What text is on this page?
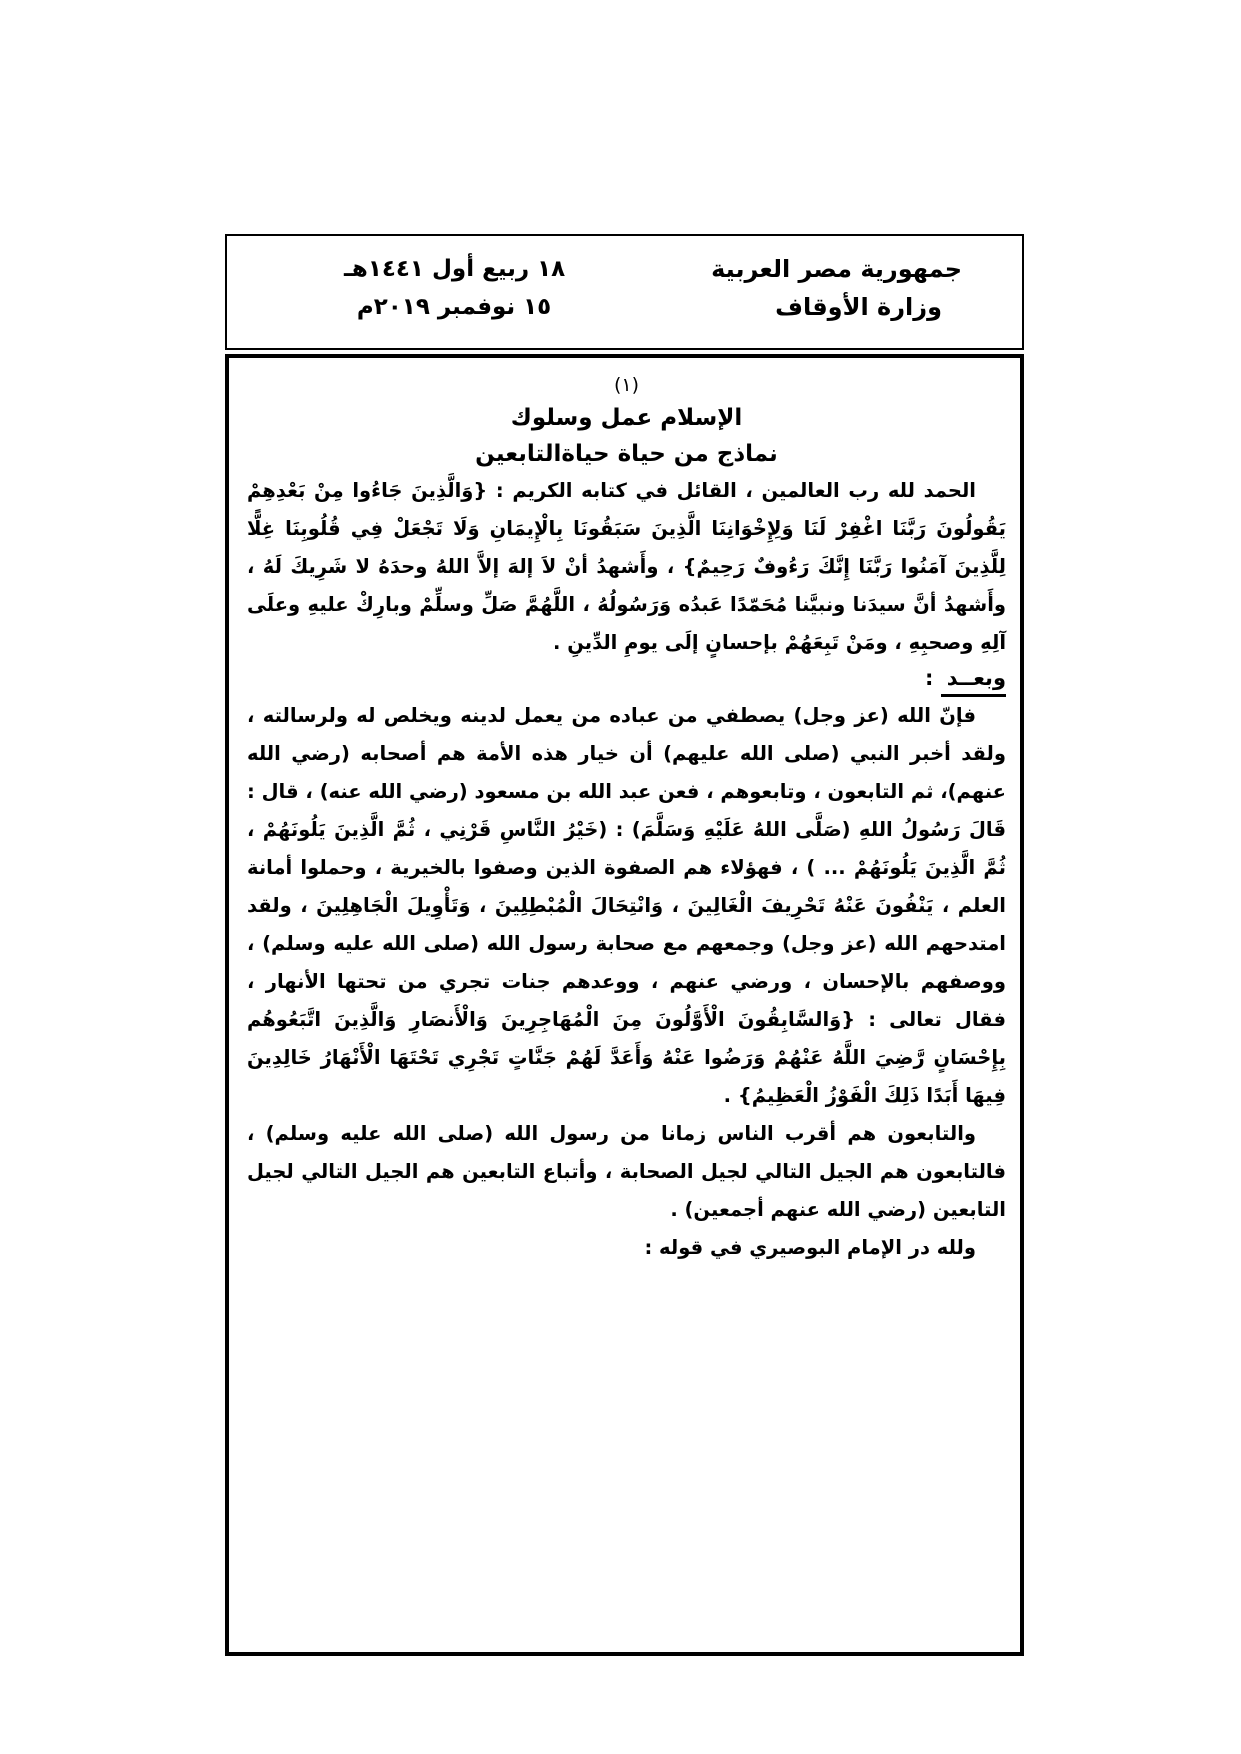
جمهورية مصر العربية
وزارة الأوقاف
١٨ ربيع أول ١٤٤١هـ
١٥ نوفمبر ٢٠١٩م
(١)
الإسلام عمل وسلوك
نماذج من حياة حياةالتابعين

الحمد لله رب العالمين ، القائل في كتابه الكريم : {وَالَّذِينَ جَاءُوا مِنْ بَعْدِهِمْ يَقُولُونَ رَبَّنَا اغْفِرْ لَنَا وَلِإِخْوَانِنَا الَّذِينَ سَبَقُونَا بِالْإِيمَانِ وَلَا تَجْعَلْ فِي قُلُوبِنَا غِلًّا لِلَّذِينَ آمَنُوا رَبَّنَا إِنَّكَ رَءُوفٌ رَحِيمٌ} ، وأَشهدُ أنْ لاَ إلهَ إلاَّ اللهُ وحدَهُ لا شَرِيكَ لَهُ ، وأَشهدُ أنَّ سيدَنا ونبيَّنا مُحَمّدًا عَبدُه وَرَسُولُهُ ، اللَّهُمَّ صَلِّ وسلِّمْ وبارِكْ عليهِ وعلَى آلِهِ وصحبِهِ ، ومَنْ تَبِعَهُمْ بإحسانٍ إلَى يومِ الدِّينِ .

وبعــد :

فإنّ الله (عز وجل) يصطفي من عباده من يعمل لدينه ويخلص له ولرسالته ، ولقد أخبر النبي (صلى الله عليهم) أن خيار هذه الأمة هم أصحابه (رضي الله عنهم)، ثم التابعون ، وتابعوهم ، فعن عبد الله بن مسعود (رضي الله عنه) ، قال : قَالَ رَسُولُ اللهِ (صَلَّى اللهُ عَلَيْهِ وَسَلَّمَ) : (خَيْرُ النَّاسِ قَرْنِي ، ثُمَّ الَّذِينَ يَلُونَهُمْ ، ثُمَّ الَّذِينَ يَلُونَهُمْ ... ) ، فهؤلاء هم الصفوة الذين وصفوا بالخيرية ، وحملوا أمانة العلم ، يَنْفُونَ عَنْهُ تَحْرِيفَ الْغَالِينَ ، وَانْتِحَالَ الْمُبْطِلِينَ ، وَتَأْوِيلَ الْجَاهِلِينَ ، ولقد امتدحهم الله (عز وجل) وجمعهم مع صحابة رسول الله (صلى الله عليه وسلم) ، ووصفهم بالإحسان ، ورضي عنهم ، ووعدهم جنات تجري من تحتها الأنهار ، فقال تعالى : {وَالسَّابِقُونَ الْأَوَّلُونَ مِنَ الْمُهَاجِرِينَ وَالْأَنصَارِ وَالَّذِينَ اتَّبَعُوهُم بِإِحْسَانٍ رَّضِيَ اللَّهُ عَنْهُمْ وَرَضُوا عَنْهُ وَأَعَدَّ لَهُمْ جَنَّاتٍ تَجْرِي تَحْتَهَا الْأَنْهَارُ خَالِدِينَ فِيهَا أَبَدًا ذَلِكَ الْفَوْزُ الْعَظِيمُ} .

والتابعون هم أقرب الناس زمانا من رسول الله (صلى الله عليه وسلم) ، فالتابعون هم الجيل التالي لجيل الصحابة ، وأتباع التابعين هم الجيل التالي لجيل التابعين (رضي الله عنهم أجمعين) .

ولله در الإمام البوصيري في قوله :
